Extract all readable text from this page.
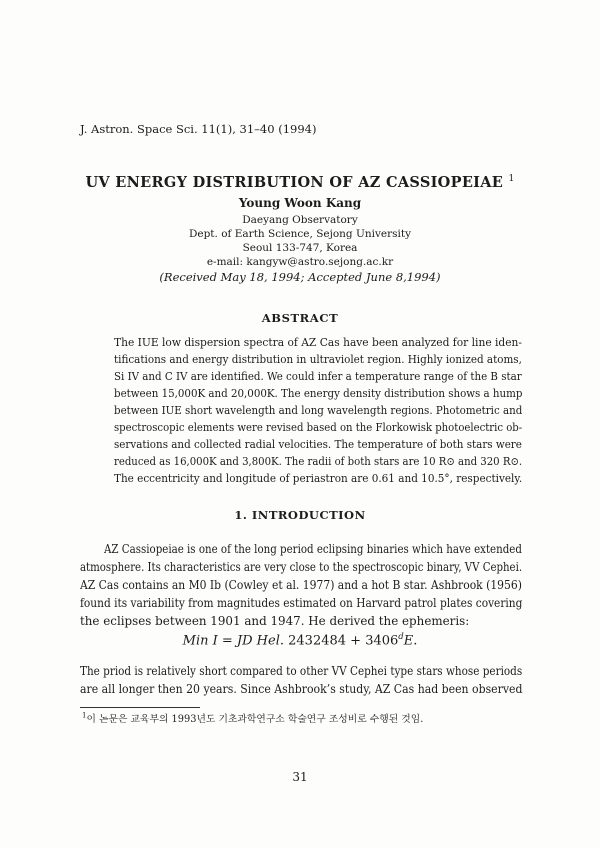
J. Astron. Space Sci. 11(1), 31–40 (1994)
UV ENERGY DISTRIBUTION OF AZ CASSIOPEIAE $^1$
Young Woon Kang
Daeyang Observatory
Dept. of Earth Science, Sejong University
Seoul 133-747, Korea
e-mail: kangyw@astro.sejong.ac.kr
(Received May 18, 1994; Accepted June 8,1994)
ABSTRACT
The IUE low dispersion spectra of AZ Cas have been analyzed for line iden-
tifications and energy distribution in ultraviolet region. Highly ionized atoms,
Si IV and C IV are identified. We could infer a temperature range of the B star
between 15,000K and 20,000K. The energy density distribution shows a hump
between IUE short wavelength and long wavelength regions. Photometric and
spectroscopic elements were revised based on the Florkowisk photoelectric ob-
servations and collected radial velocities. The temperature of both stars were
reduced as 16,000K and 3,800K. The radii of both stars are 10 R⊙ and 320 R⊙.
The eccentricity and longitude of periastron are 0.61 and 10.5°, respectively.
1. INTRODUCTION
AZ Cassiopeiae is one of the long period eclipsing binaries which have extended
atmosphere. Its characteristics are very close to the spectroscopic binary, VV Cephei.
AZ Cas contains an M0 Ib (Cowley et al. 1977) and a hot B star. Ashbrook (1956)
found its variability from magnitudes estimated on Harvard patrol plates covering
the eclipses between 1901 and 1947. He derived the ephemeris:
Min I = JD Hel. $2432484 + 3406^dE$.
The priod is relatively short compared to other VV Cephei type stars whose periods
are all longer then 20 years. Since Ashbrook’s study, AZ Cas had been observed
$^1$이 논문은 교육부의 1993년도 기초과학연구소 학술연구 조성비로 수행된 것임.
31
